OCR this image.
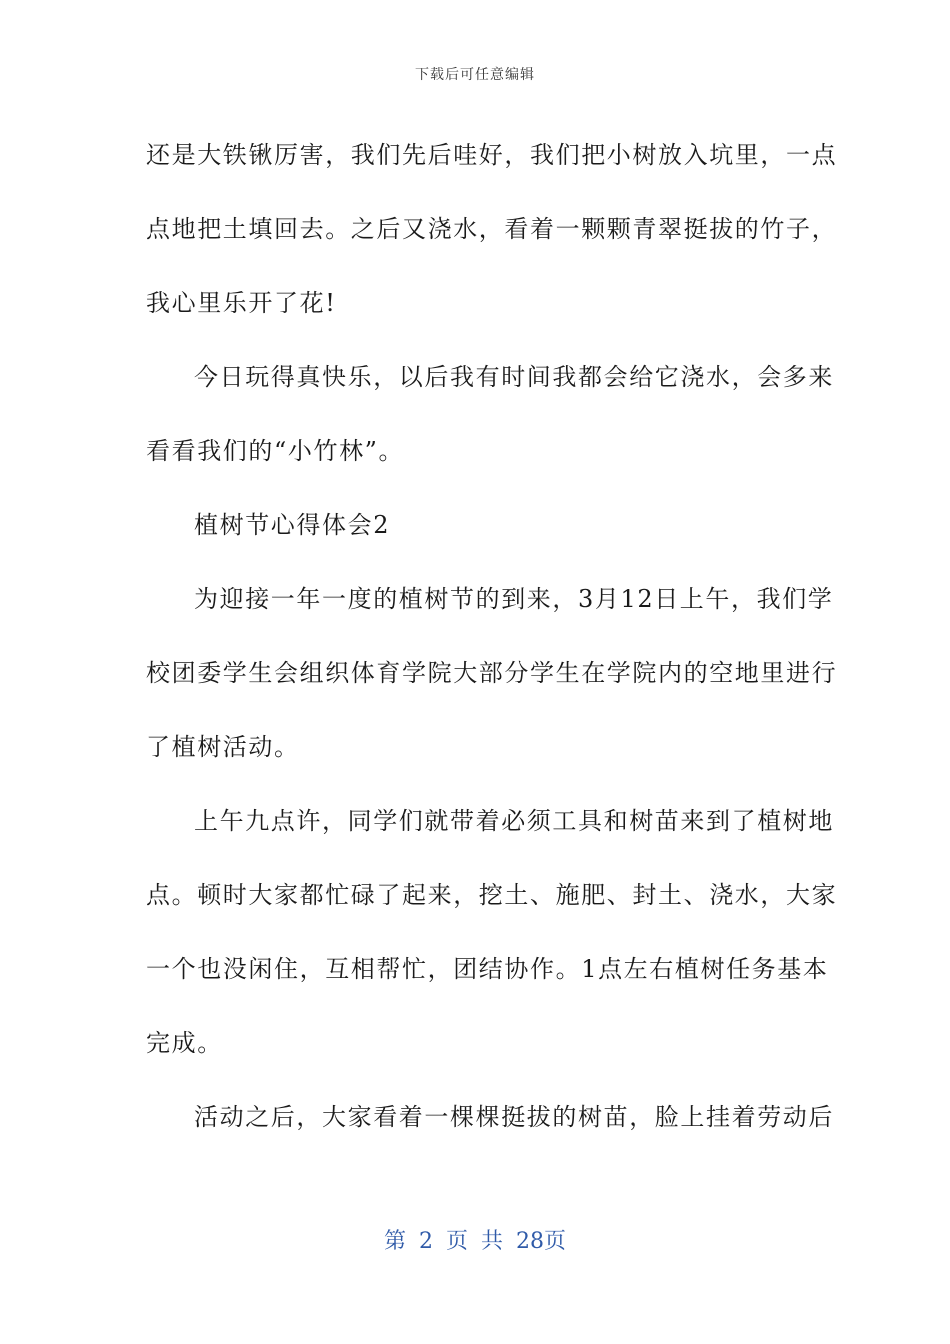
下载后可任意编辑
还是大铁锹厉害，我们先后哇好，我们把小树放入坑里，一点
点地把土填回去。之后又浇水，看着一颗颗青翠挺拔的竹子，
我心里乐开了花!
今日玩得真快乐，以后我有时间我都会给它浇水，会多来
看看我们的“小竹林”。
植树节心得体会2
为迎接一年一度的植树节的到来，3月12日上午，我们学
校团委学生会组织体育学院大部分学生在学院内的空地里进行
了植树活动。
上午九点许，同学们就带着必须工具和树苗来到了植树地
点。顿时大家都忙碌了起来，挖土、施肥、封土、浇水，大家
一个也没闲住，互相帮忙，团结协作。1点左右植树任务基本
完成。
活动之后，大家看着一棵棵挺拔的树苗，脸上挂着劳动后
第 2 页 共 28页
